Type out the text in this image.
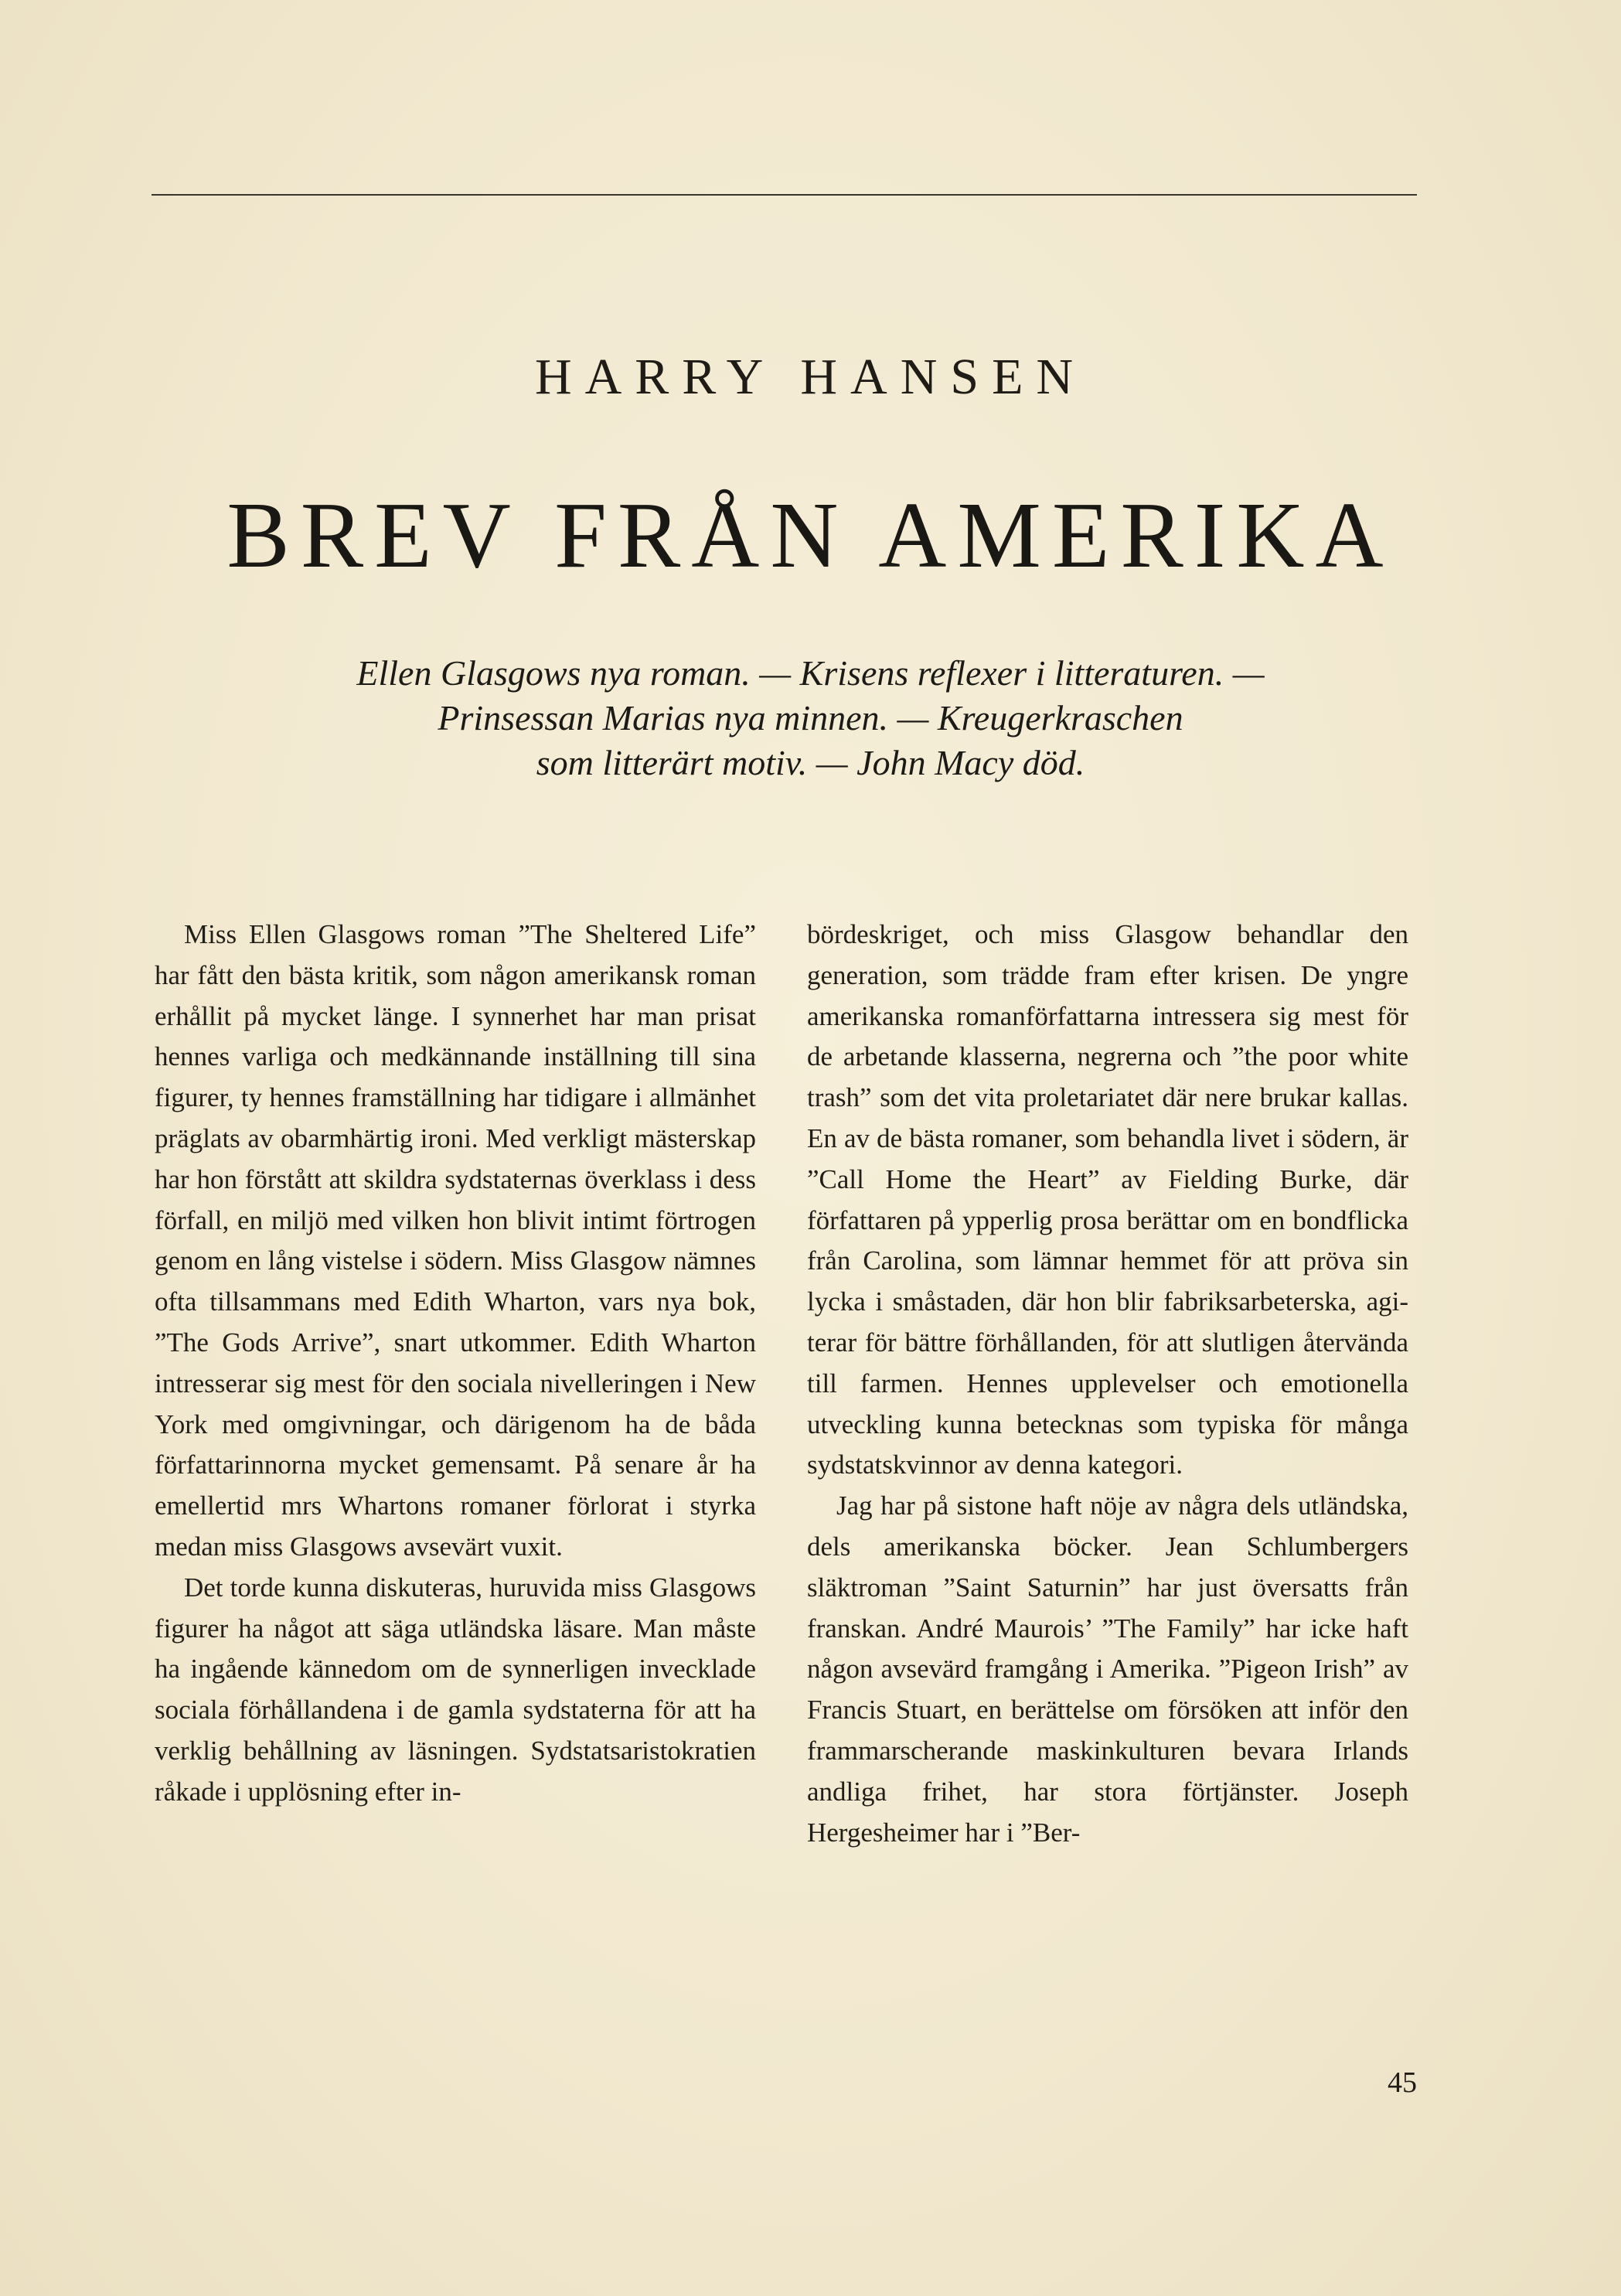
HARRY HANSEN
BREV FRÅN AMERIKA
Ellen Glasgows nya roman. — Krisens reflexer i litteraturen. —
Prinsessan Marias nya minnen. — Kreugerkraschen
som litterärt motiv. — John Macy död.

Miss Ellen Glasgows roman ”The Sheltered Life” har fått den bästa kritik, som någon amerikansk roman erhållit på mycket länge. I synnerhet har man prisat hennes varliga och medkännande inställning till sina figurer, ty hennes framställning har tidigare i allmänhet präglats av obarmhärtig ironi. Med verkligt mästerskap har hon förstått att skildra sydstaternas överklass i dess förfall, en miljö med vilken hon blivit intimt förtrogen genom en lång vistelse i södern. Miss Glasgow nämnes ofta tillsammans med Edith Wharton, vars nya bok, ”The Gods Arrive”, snart utkommer. Edith Wharton intresserar sig mest för den sociala nivelleringen i New York med omgivningar, och därigenom ha de båda författarinnorna mycket gemensamt. På senare år ha emellertid mrs Whartons romaner förlorat i styrka medan miss Glasgows avsevärt vuxit.

Det torde kunna diskuteras, huruvida miss Glasgows figurer ha något att säga utländska läsare. Man måste ha ingående kännedom om de synnerligen invecklade sociala förhållandena i de gamla sydstaterna för att ha verklig behållning av läsningen. Sydstatsaristokratien råkade i upplösning efter in-

bördeskriget, och miss Glasgow behandlar den generation, som trädde fram efter krisen. De yngre amerikanska romanförfattarna intressera sig mest för de arbetande klasserna, negrerna och ”the poor white trash” som det vita proletariatet där nere brukar kallas. En av de bästa romaner, som behandla livet i södern, är ”Call Home the Heart” av Fielding Burke, där författaren på ypperlig prosa berättar om en bondflicka från Carolina, som lämnar hemmet för att pröva sin lycka i småstaden, där hon blir fabriksarbeterska, agiterar för bättre förhållanden, för att slutligen återvända till farmen. Hennes upplevelser och emotionella utveckling kunna betecknas som typiska för många sydstatskvinnor av denna kategori.

Jag har på sistone haft nöje av några dels utländska, dels amerikanska böcker. Jean Schlumbergers släktroman ”Saint Saturnin” har just översatts från franskan. André Maurois’ ”The Family” har icke haft någon avsevärd framgång i Amerika. ”Pigeon Irish” av Francis Stuart, en berättelse om försöken att inför den frammarscherande maskinkulturen bevara Irlands andliga frihet, har stora förtjänster. Joseph Hergesheimer har i ”Ber-

45
